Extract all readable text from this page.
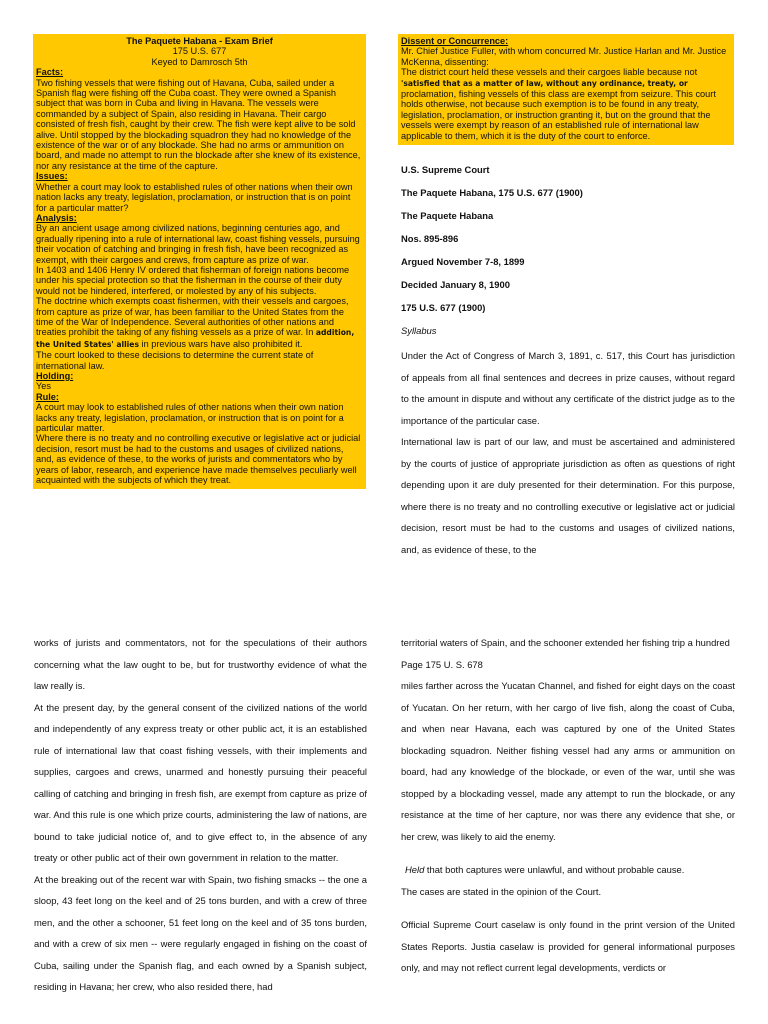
The Paquete Habana - Exam Brief
175 U.S. 677
Keyed to Damrosch 5th
Facts:
Two fishing vessels that were fishing out of Havana, Cuba, sailed under a Spanish flag were fishing off the Cuba coast. They were owned a Spanish subject that was born in Cuba and living in Havana. The vessels were commanded by a subject of Spain, also residing in Havana. Their cargo consisted of fresh fish, caught by their crew. The fish were kept alive to be sold alive. Until stopped by the blockading squadron they had no knowledge of the existence of the war or of any blockade. She had no arms or ammunition on board, and made no attempt to run the blockade after she knew of its existence, nor any resistance at the time of the capture.
Issues:
Whether a court may look to established rules of other nations when their own nation lacks any treaty, legislation, proclamation, or instruction that is on point for a particular matter?
Analysis:
By an ancient usage among civilized nations, beginning centuries ago, and gradually ripening into a rule of international law, coast fishing vessels, pursuing their vocation of catching and bringing in fresh fish, have been recognized as exempt, with their cargoes and crews, from capture as prize of war.
In 1403 and 1406 Henry IV ordered that fisherman of foreign nations become under his special protection so that the fisherman in the course of their duty would not be hindered, interfered, or molested by any of his subjects.
The doctrine which exempts coast fishermen, with their vessels and cargoes, from capture as prize of war, has been familiar to the United States from the time of the War of Independence. Several authorities of other nations and treaties prohibit the taking of any fishing vessels as a prize of war. In addition, the United States' allies in previous wars have also prohibited it.
The court looked to these decisions to determine the current state of international law.
Holding:
Yes
Rule:
A court may look to established rules of other nations when their own nation lacks any treaty, legislation, proclamation, or instruction that is on point for a particular matter.
Where there is no treaty and no controlling executive or legislative act or judicial decision, resort must be had to the customs and usages of civilized nations, and, as evidence of these, to the works of jurists and commentators who by years of labor, research, and experience have made themselves peculiarly well acquainted with the subjects of which they treat.
Dissent or Concurrence:
Mr. Chief Justice Fuller, with whom concurred Mr. Justice Harlan and Mr. Justice McKenna, dissenting:
The district court held these vessels and their cargoes liable because not 'satisfied that as a matter of law, without any ordinance, treaty, or proclamation, fishing vessels of this class are exempt from seizure. This court holds otherwise, not because such exemption is to be found in any treaty, legislation, proclamation, or instruction granting it, but on the ground that the vessels were exempt by reason of an established rule of international law applicable to them, which it is the duty of the court to enforce.
U.S. Supreme Court
The Paquete Habana, 175 U.S. 677 (1900)
The Paquete Habana
Nos. 895-896
Argued November 7-8, 1899
Decided January 8, 1900
175 U.S. 677 (1900)
Syllabus

Under the Act of Congress of March 3, 1891, c. 517, this Court has jurisdiction of appeals from all final sentences and decrees in prize causes, without regard to the amount in dispute and without any certificate of the district judge as to the importance of the particular case.

International law is part of our law, and must be ascertained and administered by the courts of justice of appropriate jurisdiction as often as questions of right depending upon it are duly presented for their determination. For this purpose, where there is no treaty and no controlling executive or legislative act or judicial decision, resort must be had to the customs and usages of civilized nations, and, as evidence of these, to the

works of jurists and commentators, not for the speculations of their authors concerning what the law ought to be, but for trustworthy evidence of what the law really is.

At the present day, by the general consent of the civilized nations of the world and independently of any express treaty or other public act, it is an established rule of international law that coast fishing vessels, with their implements and supplies, cargoes and crews, unarmed and honestly pursuing their peaceful calling of catching and bringing in fresh fish, are exempt from capture as prize of war. And this rule is one which prize courts, administering the law of nations, are bound to take judicial notice of, and to give effect to, in the absence of any treaty or other public act of their own government in relation to the matter.

At the breaking out of the recent war with Spain, two fishing smacks -- the one a sloop, 43 feet long on the keel and of 25 tons burden, and with a crew of three men, and the other a schooner, 51 feet long on the keel and of 35 tons burden, and with a crew of six men -- were regularly engaged in fishing on the coast of Cuba, sailing under the Spanish flag, and each owned by a Spanish subject, residing in Havana; her crew, who also resided there, had

territorial waters of Spain, and the schooner extended her fishing trip a hundred

Page 175 U. S. 678

miles farther across the Yucatan Channel, and fished for eight days on the coast of Yucatan. On her return, with her cargo of live fish, along the coast of Cuba, and when near Havana, each was captured by one of the United States blockading squadron. Neither fishing vessel had any arms or ammunition on board, had any knowledge of the blockade, or even of the war, until she was stopped by a blockading vessel, made any attempt to run the blockade, or any resistance at the time of her capture, nor was there any evidence that she, or her crew, was likely to aid the enemy.

Held that both captures were unlawful, and without probable cause.

The cases are stated in the opinion of the Court.

Official Supreme Court caselaw is only found in the print version of the United States Reports. Justia caselaw is provided for general informational purposes only, and may not reflect current legal developments, verdicts or
